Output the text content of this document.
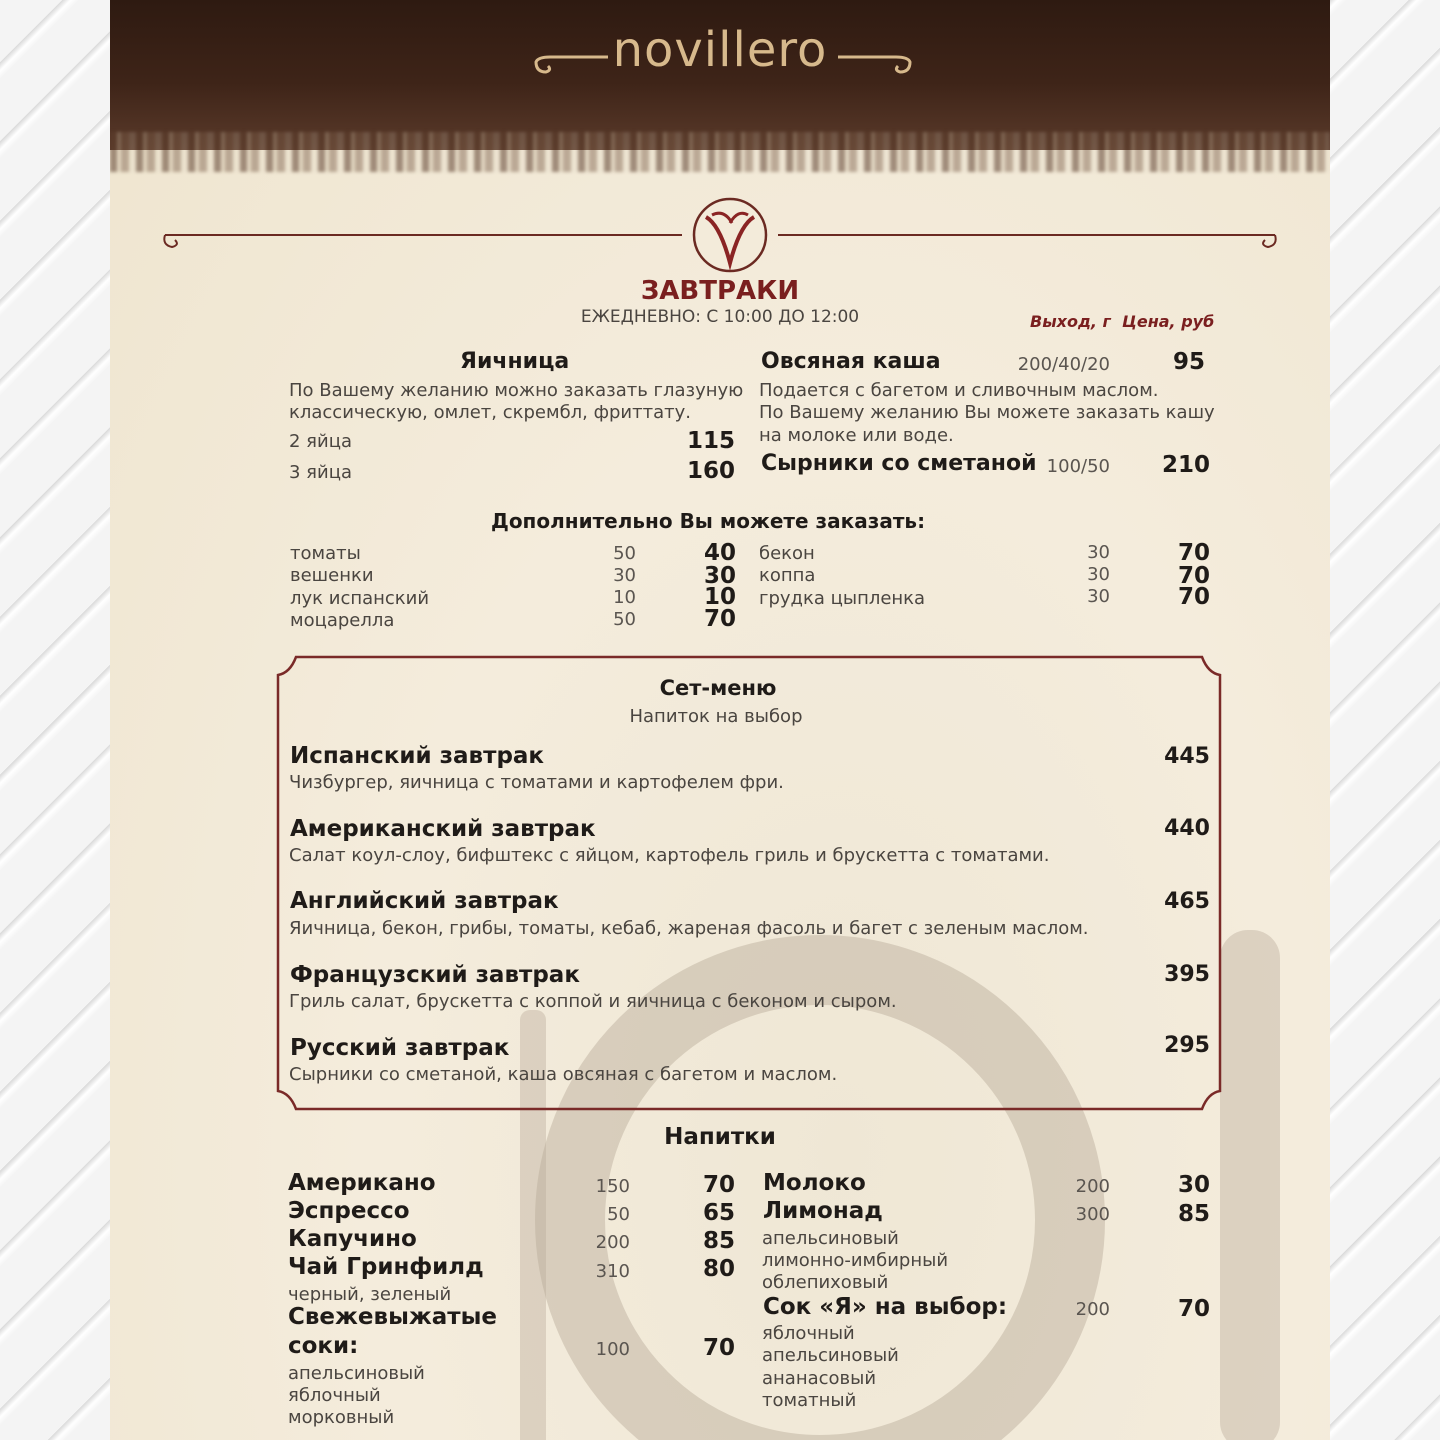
novillero
ЗАВТРАКИ
ЕЖЕДНЕВНО: С 10:00 ДО 12:00	Выход, г Цена, руб
Яичница
По Вашему желанию можно заказать глазуную
классическую, омлет, скрембл, фриттату.
2 яйца	115
3 яйца	160
Овсяная каша	200/40/20	95
Подается с багетом и сливочным маслом.
По Вашему желанию Вы можете заказать кашу
на молоке или воде.
Сырники со сметаной 100/50	210
Дополнительно Вы можете заказать:
томаты	50	40
вешенки	30	30
лук испанский	10	10
моцарелла	50	70
бекон	30	70
коппа	30	70
грудка цыпленка	30	70
Сет-меню
Напиток на выбор
Испанский завтрак	445
Чизбургер, яичница с томатами и картофелем фри.
Американский завтрак	440
Салат коул-слоу, бифштекс с яйцом, картофель гриль и брускетта с томатами.
Английский завтрак	465
Яичница, бекон, грибы, томаты, кебаб, жареная фасоль и багет с зеленым маслом.
Французский завтрак	395
Гриль салат, брускетта с коппой и яичница с беконом и сыром.
Русский завтрак	295
Сырники со сметаной, каша овсяная с багетом и маслом.
Напитки
Американо	150	70
Эспрессо	50	65
Капучино	200	85
Чай Гринфилд	310	80
черный, зеленый
Свежевыжатые
соки:	100	70
апельсиновый
яблочный
морковный
Молоко	200	30
Лимонад	300	85
апельсиновый
лимонно-имбирный
облепиховый
Сок «Я» на выбор:	200	70
яблочный
апельсиновый
ананасовый
томатный
